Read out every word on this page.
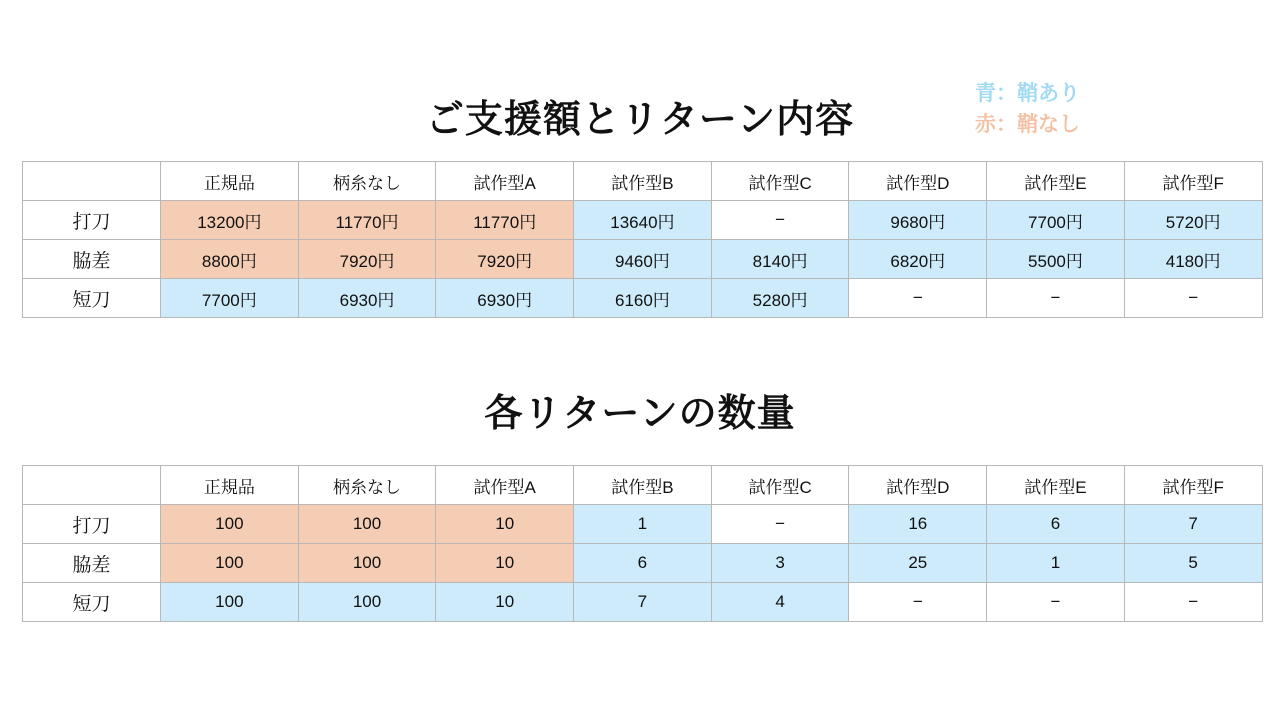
青：鞘あり
赤：鞘なし
ご支援額とリターン内容
	正規品	柄糸なし	試作型A	試作型B	試作型C	試作型D	試作型E	試作型F
打刀	13200円	11770円	11770円	13640円	−	9680円	7700円	5720円
脇差	8800円	7920円	7920円	9460円	8140円	6820円	5500円	4180円
短刀	7700円	6930円	6930円	6160円	5280円	−	−	−
各リターンの数量
	正規品	柄糸なし	試作型A	試作型B	試作型C	試作型D	試作型E	試作型F
打刀	100	100	10	1	−	16	6	7
脇差	100	100	10	6	3	25	1	5
短刀	100	100	10	7	4	−	−	−
